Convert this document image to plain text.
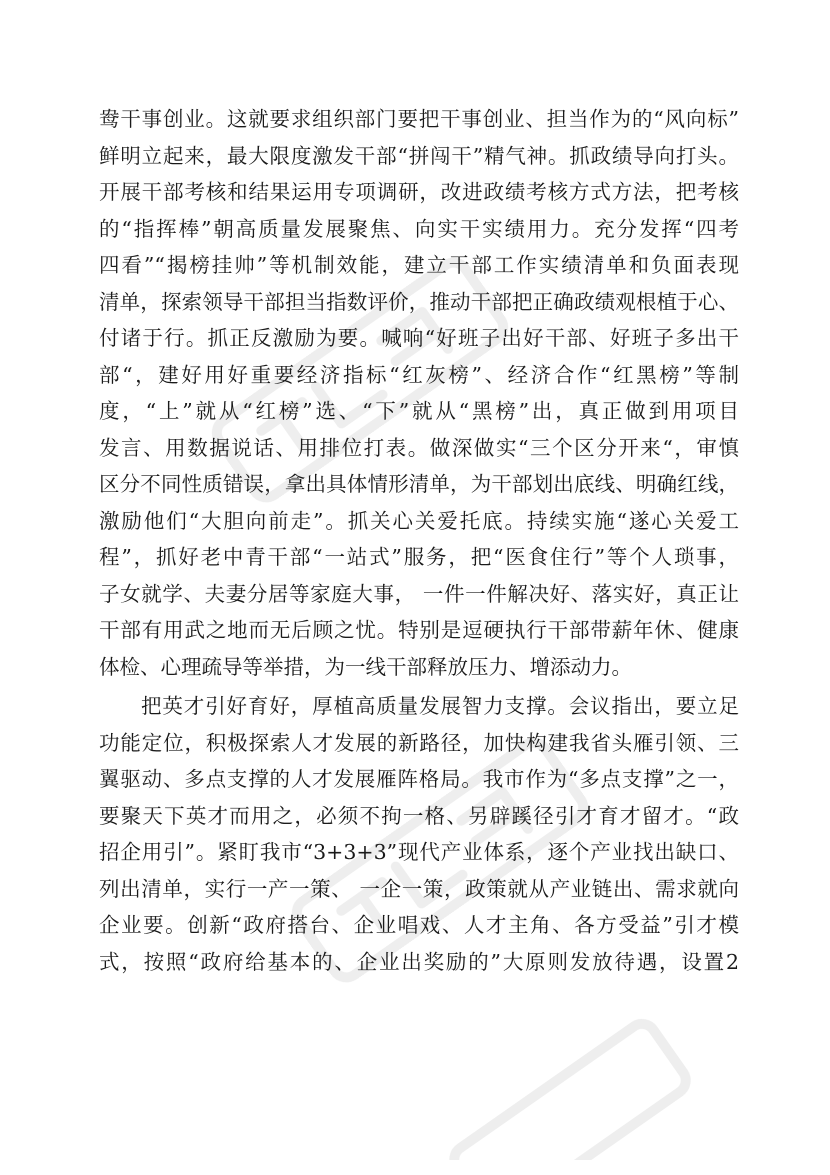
鸯干事创业。这就要求组织部门要把干事创业、担当作为的“风向标”
鲜明立起来，最大限度激发干部“拼闯干”精气神。抓政绩导向打头。
开展干部考核和结果运用专项调研，改进政绩考核方式方法，把考核
的“指挥棒”朝高质量发展聚焦、向实干实绩用力。充分发挥“四考
四看”“揭榜挂帅”等机制效能，建立干部工作实绩清单和负面表现
清单，探索领导干部担当指数评价，推动干部把正确政绩观根植于心、
付诸于行。抓正反激励为要。喊响“好班子出好干部、好班子多出干
部“，建好用好重要经济指标“红灰榜”、经济合作“红黑榜”等制
度，“上”就从“红榜”选、“下”就从“黑榜”出，真正做到用项目
发言、用数据说话、用排位打表。做深做实“三个区分开来“，审慎
区分不同性质错误，拿出具体情形清单，为干部划出底线、明确红线，
激励他们“大胆向前走”。抓关心关爱托底。持续实施“遂心关爱工
程”，抓好老中青干部“一站式”服务，把“医食住行”等个人琐事，
子女就学、夫妻分居等家庭大事， 一件一件解决好、落实好，真正让
干部有用武之地而无后顾之忧。特别是逗硬执行干部带薪年休、健康
体检、心理疏导等举措，为一线干部释放压力、增添动力。
把英才引好育好，厚植高质量发展智力支撑。会议指出，要立足
功能定位，积极探索人才发展的新路径，加快构建我省头雁引领、三
翼驱动、多点支撑的人才发展雁阵格局。我市作为“多点支撑”之一，
要聚天下英才而用之，必须不拘一格、另辟蹊径引才育才留才。“政
招企用引”。紧盯我市“3+3+3”现代产业体系，逐个产业找出缺口、
列出清单，实行一产一策、 一企一策，政策就从产业链出、需求就向
企业要。创新“政府搭台、企业唱戏、人才主角、各方受益”引才模
式，按照“政府给基本的、企业出奖励的”大原则发放待遇，设置2
